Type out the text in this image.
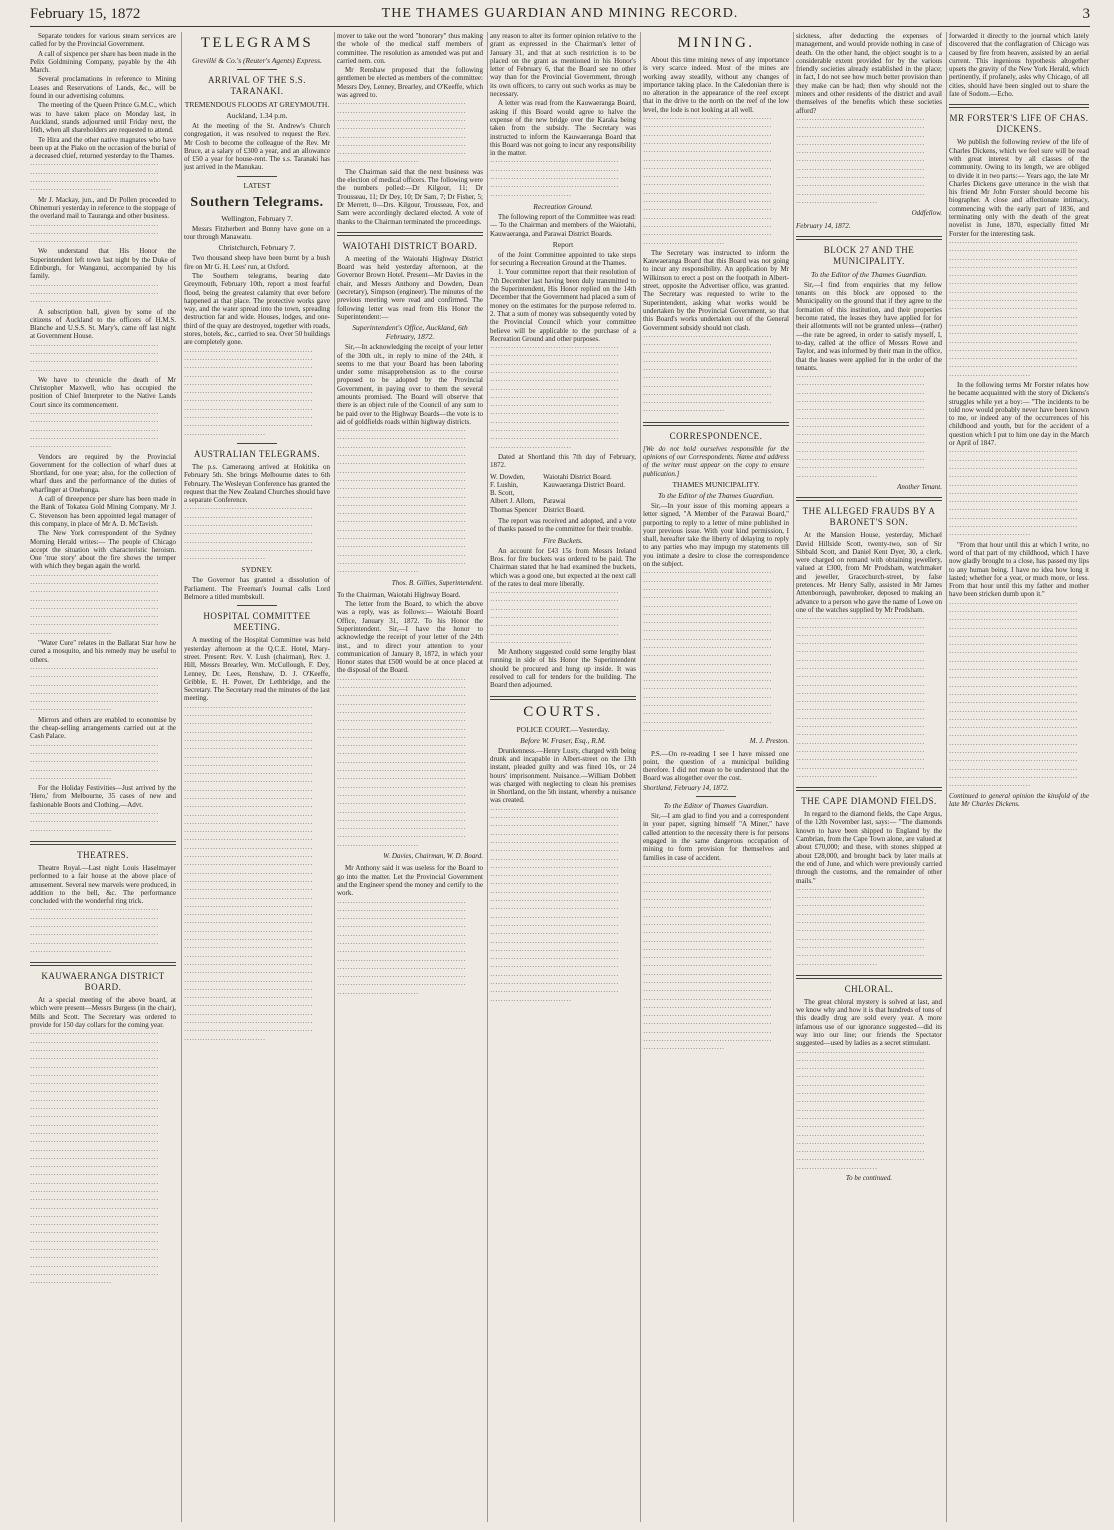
February 15, 1872	THE THAMES GUARDIAN AND MINING RECORD.	3

Separate tenders for various steam services are called for by the Provincial Government.

A call of sixpence per share has been made in the Pelix Goldmining Company, payable by the 4th March.

Several proclamations in reference to Mining Leases and Reservations of Lands, &c., will be found in our advertising columns.

The meeting of the Queen Prince G.M.C., which was to have taken place on Monday last, in Auckland, stands adjourned until Friday next, the 16th, when all shareholders are requested to attend.

Te Hira and the other native magnates who have been up at the Piako on the occasion of the burial of a deceased chief, returned yesterday to the Thames.

················································· ················································· ················································· ·······························

Mr J. Mackay, jun., and Dr Pollen proceeded to Ohinemuri yesterday in reference to the stoppage of the overland mail to Tauranga and other business.

················································· ················································· ·······························

We understand that His Honor the Superintendent left town last night by the Duke of Edinburgh, for Wanganui, accompanied by his family.

················································· ················································· ·······························

A subscription ball, given by some of the citizens of Auckland to the officers of H.M.S. Blanche and U.S.S. St. Mary's, came off last night at Government House.

················································· ················································· ················································· ·······························

We have to chronicle the death of Mr Christopher Maxwell, who has occupied the position of Chief Interpreter to the Native Lands Court since its commencement.

················································· ················································· ················································· ················································· ·······························

Vendors are required by the Provincial Government for the collection of wharf dues at Shortland, for one year; also, for the collection of wharf dues and the performance of the duties of wharfinger at Onehunga.

A call of threepence per share has been made in the Bank of Tokatea Gold Mining Company. Mr J. C. Stevenson has been appointed legal manager of this company, in place of Mr A. D. McTavish.

The New York correspondent of the Sydney Morning Herald writes:— The people of Chicago accept the situation with characteristic heroism. One 'true story' about the fire shows the temper with which they began again the world.

················································· ················································· ················································· ················································· ················································· ················································· ················································· ·······························

"Water Cure" relates in the Ballarat Star how he cured a mosquito, and his remedy may be useful to others.

················································· ················································· ················································· ················································· ················································· ·······························

Mirrors and others are enabled to economise by the cheap-selling arrangements carried out at the Cash Palace.

················································· ················································· ················································· ················································· ·······························

For the Holiday Festivities—Just arrived by the 'Hero,' from Melbourne, 35 cases of new and fashionable Boots and Clothing.—Advt.

················································· ················································· ·······························

THEATRES.

Theatre Royal.—Last night Louis Haselmayer performed to a fair house at the above place of amusement. Several new marvels were produced, in addition to the bell, &c. The performance concluded with the wonderful ring trick.

················································· ················································· ················································· ················································· ················································· ·······························

KAUWAERANGA DISTRICT BOARD.

At a special meeting of the above board, at which were present—Messrs Burgess (in the chair), Mills and Scott. The Secretary was ordered to provide for 150 day collars for the coming year.

················································· ················································· ················································· ················································· ················································· ················································· ················································· ················································· ················································· ················································· ················································· ················································· ················································· ················································· ················································· ················································· ················································· ················································· ················································· ················································· ················································· ················································· ················································· ················································· ················································· ················································· ················································· ················································· ················································· ················································· ·······························

TELEGRAMS
Grevillé & Co.'s (Reuter's Agents) Express.
ARRIVAL OF THE S.S. TARANAKI.
TREMENDOUS FLOODS AT GREYMOUTH.
Auckland, 1.34 p.m.

At the meeting of the St. Andrew's Church congregation, it was resolved to request the Rev. Mr Cosh to become the colleague of the Rev. Mr Bruce, at a salary of £300 a year, and an allowance of £50 a year for house-rent. The s.s. Taranaki has just arrived in the Manukau.

LATEST
Southern Telegrams.
Wellington, February 7.

Messrs Fitzherbert and Bunny have gone on a tour through Manawatu.

Christchurch, February 7.

Two thousand sheep have been burnt by a bush fire on Mr G. H. Lees' run, at Oxford.

The Southern telegrams, bearing date Greymouth, February 10th, report a most fearful flood, being the greatest calamity that ever before happened at that place. The protective works gave way, and the water spread into the town, spreading destruction far and wide. Houses, lodges, and one-third of the quay are destroyed, together with roads, stores, hotels, &c., carried to sea. Over 50 buildings are completely gone.

················································· ················································· ················································· ················································· ················································· ················································· ················································· ················································· ················································· ················································· ·······························

AUSTRALIAN TELEGRAMS.

The p.s. Cameraong arrived at Hokitika on February 5th. She brings Melbourne dates to 6th February. The Wesleyan Conference has granted the request that the New Zealand Churches should have a separate Conference.

················································· ················································· ················································· ················································· ················································· ················································· ·······························

SYDNEY.

The Governor has granted a dissolution of Parliament. The Freeman's Journal calls Lord Belmore a titled mumbskull.

HOSPITAL COMMITTEE MEETING.

A meeting of the Hospital Committee was held yesterday afternoon at the Q.C.E. Hotel, Mary-street. Present: Rev. V. Lush (chairman), Rev. J. Hill, Messrs Brearley, Wm. McCullough, F. Dey, Lenney, Dr. Lees, Renshaw, D. J. O'Keeffe, Gribble, E. H. Power, Dr Lethbridge, and the Secretary. The Secretary read the minutes of the last meeting.

················································· ················································· ················································· ················································· ················································· ················································· ················································· ················································· ················································· ················································· ················································· ················································· ················································· ················································· ················································· ················································· ················································· ················································· ················································· ················································· ················································· ················································· ················································· ················································· ················································· ················································· ················································· ················································· ················································· ················································· ················································· ················································· ················································· ················································· ················································· ················································· ················································· ················································· ················································· ················································· ·······························

mover to take out the word "honorary" thus making the whole of the medical staff members of committee. The resolution as amended was put and carried nem. con.

Mr Renshaw proposed that the following gentlemen be elected as members of the committee: Messrs Dey, Lenney, Brearley, and O'Keeffe, which was agreed to.

················································· ················································· ················································· ················································· ················································· ················································· ················································· ·······························

The Chairman said that the next business was the election of medical officers. The following were the numbers polled:—Dr Kilgour, 11; Dr Trousseau, 11; Dr Dey, 10; Dr Sam, 7; Dr Fisher, 5; Dr Merrett, 0—Drs. Kilgour, Trousseau, Fox, and Sam were accordingly declared elected. A vote of thanks to the Chairman terminated the proceedings.

WAIOTAHI DISTRICT BOARD.

A meeting of the Waiotahi Highway District Board was held yesterday afternoon, at the Governor Brown Hotel. Present—Mr Davies in the chair, and Messrs Anthony and Dowden, Dean (secretary), Simpson (engineer). The minutes of the previous meeting were read and confirmed. The following letter was read from His Honor the Superintendent:—

Superintendent's Office, Auckland, 6th February, 1872.

Sir,—In acknowledging the receipt of your letter of the 30th ult., in reply to mine of the 24th, it seems to me that your Board has been laboring under some misapprehension as to the course proposed to be adopted by the Provincial Government, in paying over to them the several amounts promised. The Board will observe that there is an object rule of the Council of any sum to be paid over to the Highway Boards—the vote is to aid of goldfields roads within highway districts.

················································· ················································· ················································· ················································· ················································· ················································· ················································· ················································· ················································· ················································· ················································· ················································· ················································· ················································· ················································· ················································· ················································· ·······························

Thos. B. Gillies, Superintendent.

To the Chairman, Waiotahi Highway Board.

The letter from the Board, to which the above was a reply, was as follows:— Waiotahi Board Office, January 31, 1872. To his Honor the Superintendent. Sir,—I have the honor to acknowledge the receipt of your letter of the 24th inst., and to direct your attention to your communication of January 8, 1872, in which your Honor states that £500 would be at once placed at the disposal of the Board.

················································· ················································· ················································· ················································· ················································· ················································· ················································· ················································· ················································· ················································· ················································· ················································· ················································· ················································· ················································· ················································· ················································· ················································· ················································· ················································· ·······························

W. Davies, Chairman, W. D. Board.

Mr Anthony said it was useless for the Board to go into the matter. Let the Provincial Government and the Engineer spend the money and certify to the work.

················································· ················································· ················································· ················································· ················································· ················································· ················································· ················································· ················································· ················································· ················································· ·······························

any reason to alter its former opinion relative to the grant as expressed in the Chairman's letter of January 31, and that at such restriction is to be placed on the grant as mentioned in his Honor's letter of February 6, that the Board see no other way than for the Provincial Government, through its own officers, to carry out such works as may be necessary.

A letter was read from the Kauwaeranga Board, asking if this Board would agree to halve the expense of the new bridge over the Karaka being taken from the subsidy. The Secretary was instructed to inform the Kauwaeranga Board that this Board was not going to incur any responsibility in the matter.

················································· ················································· ················································· ················································· ·······························

Recreation Ground.

The following report of the Committee was read:— To the Chairman and members of the Waiotahi, Kauwaeranga, and Parawai District Boards.

Report

of the Joint Committee appointed to take steps for securing a Recreation Ground at the Thames.

1. Your committee report that their resolution of 7th December last having been duly transmitted to the Superintendent, His Honor replied on the 14th December that the Government had placed a sum of money on the estimates for the purpose referred to. 2. That a sum of money was subsequently voted by the Provincial Council which your committee believe will be applicable to the purchase of a Recreation Ground and other purposes.

················································· ················································· ················································· ················································· ················································· ················································· ················································· ················································· ················································· ················································· ················································· ················································· ·······························

Dated at Shortland this 7th day of February, 1872.

W. Dowden,	Waiotahi District Board.
F. Lushin,	Kauwaeranga District Board.
B. Scott,	
Albert J. Allom,	Parawai
Thomas Spencer	District Board.

The report was received and adopted, and a vote of thanks passed to the committee for their trouble.

Fire Buckets.

An account for £43 15s from Messrs Ireland Bros. for fire buckets was ordered to be paid. The Chairman stated that he had examined the buckets, which was a good one, but expected at the next call of the rates to deal more liberally.

················································· ················································· ················································· ················································· ················································· ················································· ·······························

Mr Anthony suggested could some lengthy blast running in side of his Honor the Superintendent should be procured and hung up inside. It was resolved to call for tenders for the building. The Board then adjourned.

COURTS.
POLICE COURT.—Yesterday.
Before W. Fraser, Esq., R.M.

Drunkenness.—Henry Lusty, charged with being drunk and incapable in Albert-street on the 13th instant, pleaded guilty and was fined 10s, or 24 hours' imprisonment. Nuisance.—William Dobbett was charged with neglecting to clean his premises in Shortland, on the 5th instant, whereby a nuisance was created.

················································· ················································· ················································· ················································· ················································· ················································· ················································· ················································· ················································· ················································· ················································· ················································· ················································· ················································· ················································· ················································· ················································· ················································· ················································· ················································· ················································· ················································· ················································· ·······························

MINING.

About this time mining news of any importance is very scarce indeed. Most of the mines are working away steadily, without any changes of importance taking place. In the Caledonian there is no alteration in the appearance of the reef except that in the drive to the north on the reef of the low level, the lode is not looking at all well.

················································· ················································· ················································· ················································· ················································· ················································· ················································· ················································· ················································· ················································· ················································· ················································· ················································· ················································· ················································· ·······························

The Secretary was instructed to inform the Kauwaeranga Board that this Board was not going to incur any responsibility. An application by Mr Wilkinson to erect a post on the footpath in Albert-street, opposite the Advertiser office, was granted. The Secretary was requested to write to the Superintendent, asking what works would be undertaken by the Provincial Government, so that this Board's works undertaken out of the General Government subsidy should not clash.

················································· ················································· ················································· ················································· ················································· ················································· ················································· ················································· ················································· ·······························

CORRESPONDENCE.

[We do not hold ourselves responsible for the opinions of our Correspondents. Name and address of the writer must appear on the copy to ensure publication.]

THAMES MUNICIPALITY.
To the Editor of the Thames Guardian.

Sir,—In your issue of this morning appears a letter signed, "A Member of the Parawai Board," purporting to reply to a letter of mine published in your previous issue. With your kind permission, I shall, hereafter take the liberty of delaying to reply to any parties who may impugn my statements till you intimate a desire to close the correspondence on the subject.

················································· ················································· ················································· ················································· ················································· ················································· ················································· ················································· ················································· ················································· ················································· ················································· ················································· ················································· ················································· ················································· ················································· ················································· ················································· ·······························

M. J. Preston.

P.S.—On re-reading I see I have missed one point, the question of a municipal building therefore. I did not mean to be understood that the Board was altogether over the cost.

Shortland, February 14, 1872.

To the Editor of Thames Guardian.

Sir,—I am glad to find you and a correspondent in your paper, signing himself "A Miner," have called attention to the necessity there is for persons engaged in the same dangerous occupation of mining to form provision for themselves and families in case of accident.

················································· ················································· ················································· ················································· ················································· ················································· ················································· ················································· ················································· ················································· ················································· ················································· ················································· ················································· ················································· ················································· ················································· ················································· ················································· ················································· ················································· ················································· ·······························

sickness, after deducting the expenses of management, and would provide nothing in case of death. On the other hand, the object sought is to a considerable extent provided for by the various friendly societies already established in the place; in fact, I do not see how much better provision than they make can be had; then why should not the miners and other residents of the district and avail themselves of the benefits which these societies afford?

················································· ················································· ················································· ················································· ················································· ················································· ················································· ················································· ················································· ················································· ·······························

Oddfellow.

February 14, 1872.

BLOCK 27 AND THE MUNICIPALITY.
To the Editor of the Thames Guardian.

Sir,—I find from enquiries that my fellow tenants on this block are opposed to the Municipality on the ground that if they agree to the formation of this institution, and their properties become rated, the leases they have applied for for their allotments will not be granted unless—(rather)—the rate be agreed, in order to satisfy myself, I, to-day, called at the office of Messrs Rowe and Taylor, and was informed by their man in the office, that the leases were applied for in the order of the tenants.

················································· ················································· ················································· ················································· ················································· ················································· ················································· ················································· ················································· ················································· ················································· ················································· ·······························

Another Tenant.
THE ALLEGED FRAUDS BY A BARONET'S SON.

At the Mansion House, yesterday, Michael David Hillside Scott, twenty-two, son of Sir Sibbald Scott, and Daniel Kent Dyer, 30, a clerk, were charged on remand with obtaining jewellery, valued at £300, from Mr Prodsham, watchmaker and jeweller, Gracechurch-street, by false pretences. Mr Henry Sally, assisted in Mr James Attenborough, pawnbroker, deposed to making an advance to a person who gave the name of Lowe on one of the watches supplied by Mr Prodsham.

················································· ················································· ················································· ················································· ················································· ················································· ················································· ················································· ················································· ················································· ················································· ················································· ················································· ················································· ················································· ················································· ················································· ················································· ················································· ·······························

THE CAPE DIAMOND FIELDS.

In regard to the diamond fields, the Cape Argus, of the 12th November last, says:— "The diamonds known to have been shipped to England by the Cambrian, from the Cape Town alone, are valued at about £70,000; and these, with stones shipped at about £28,000, and brought back by later mails at the end of June, and which were previously carried through the customs, and the remainder of other mails."

················································· ················································· ················································· ················································· ················································· ················································· ················································· ················································· ················································· ·······························

CHLORAL.

The great chloral mystery is solved at last, and we know why and how it is that hundreds of tons of this deadly drug are sold every year. A more infamous use of our ignorance suggested—did its way into our line; our friends the Spectator suggested—used by ladies as a secret stimulant.

················································· ················································· ················································· ················································· ················································· ················································· ················································· ················································· ················································· ················································· ················································· ················································· ················································· ················································· ·······························

To be continued.

forwarded it directly to the journal which lately discovered that the conflagration of Chicago was caused by fire from heaven, assisted by an aerial current. This ingenious hypothesis altogether upsets the gravity of the New York Herald, which pertinently, if profanely, asks why Chicago, of all cities, should have been singled out to share the fate of Sodom.—Echo.

MR FORSTER'S LIFE OF CHAS. DICKENS.

We publish the following review of the life of Charles Dickens, which we feel sure will be read with great interest by all classes of the community. Owing to its length, we are obliged to divide it in two parts:— Years ago, the late Mr Charles Dickens gave utterance in the wish that his friend Mr John Forster should become his biographer. A close and affectionate intimacy, commencing with the early part of 1836, and terminating only with the death of the great novelist in June, 1870, especially fitted Mr Forster for the interesting task.

················································· ················································· ················································· ················································· ················································· ················································· ················································· ················································· ················································· ················································· ················································· ················································· ················································· ················································· ················································· ················································· ·······························

In the following terms Mr Forster relates how he became acquainted with the story of Dickens's struggles while yet a boy:— "The incidents to be told now would probably never have been known to me, or indeed any of the occurrences of his childhood and youth, but for the accident of a question which I put to him one day in the March or April of 1847.

················································· ················································· ················································· ················································· ················································· ················································· ················································· ················································· ················································· ················································· ·······························

"From that hour until this at which I write, no word of that part of my childhood, which I have now gladly brought to a close, has passed my lips to any human being. I have no idea how long it lasted; whether for a year, or much more, or less. From that hour until this my father and mother have been stricken dumb upon it."

················································· ················································· ················································· ················································· ················································· ················································· ················································· ················································· ················································· ················································· ················································· ················································· ················································· ················································· ················································· ················································· ················································· ················································· ················································· ················································· ················································· ················································· ·······························

Continued to general opinion the kinsfold of the late Mr Charles Dickens.
